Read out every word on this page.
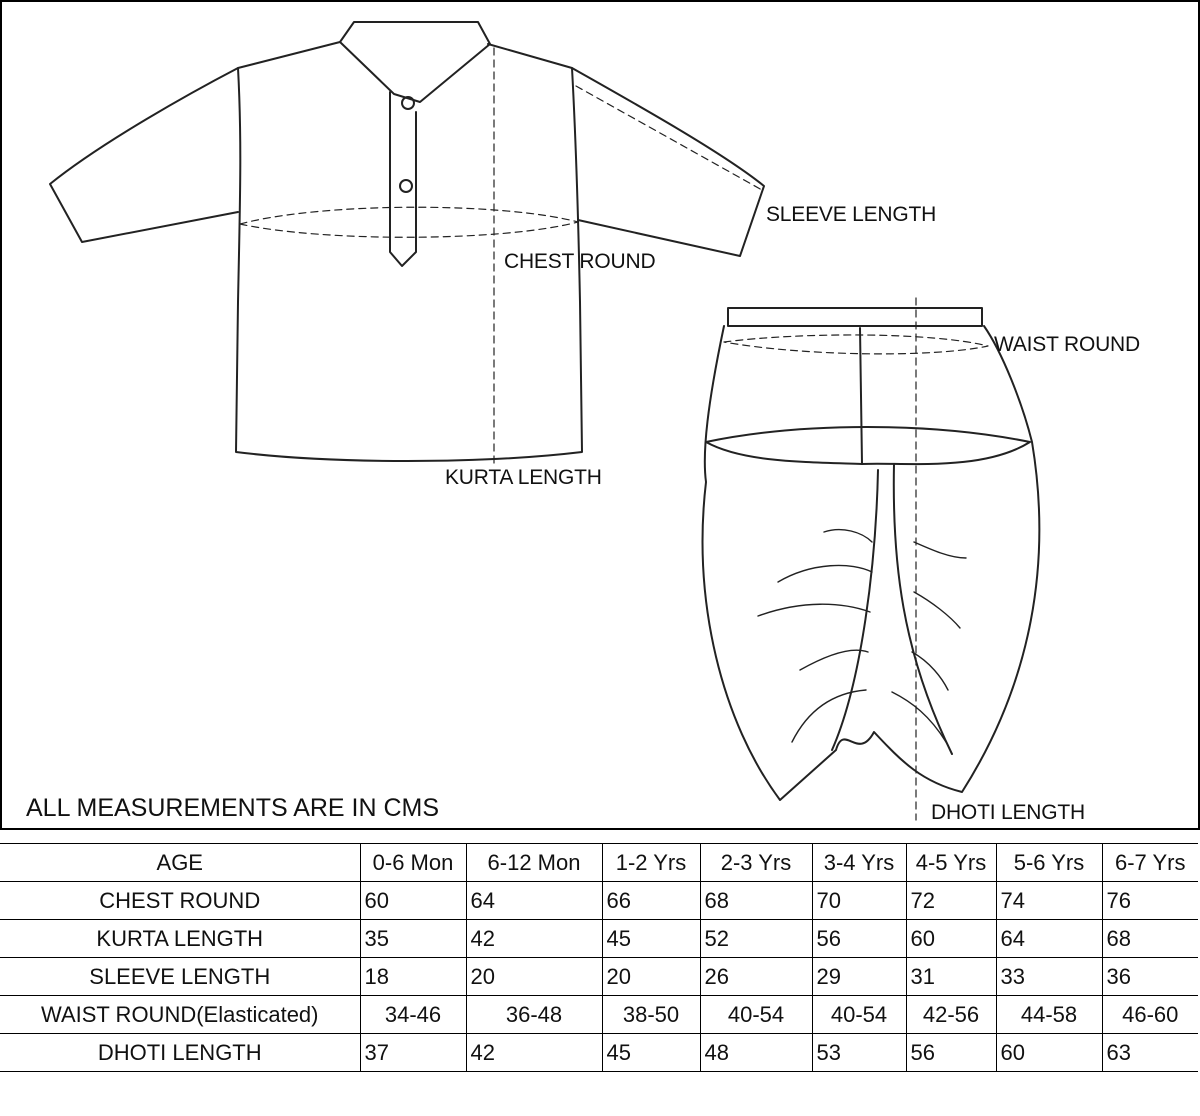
SLEEVE LENGTH
CHEST ROUND
WAIST ROUND
KURTA LENGTH
DHOTI LENGTH
ALL MEASUREMENTS ARE IN CMS
AGE	0-6 Mon	6-12 Mon	1-2 Yrs	2-3 Yrs	3-4 Yrs	4-5 Yrs	5-6 Yrs	6-7 Yrs
CHEST ROUND	60	64	66	68	70	72	74	76
KURTA LENGTH	35	42	45	52	56	60	64	68
SLEEVE LENGTH	18	20	20	26	29	31	33	36
WAIST ROUND(Elasticated)	34-46	36-48	38-50	40-54	40-54	42-56	44-58	46-60
DHOTI LENGTH	37	42	45	48	53	56	60	63
